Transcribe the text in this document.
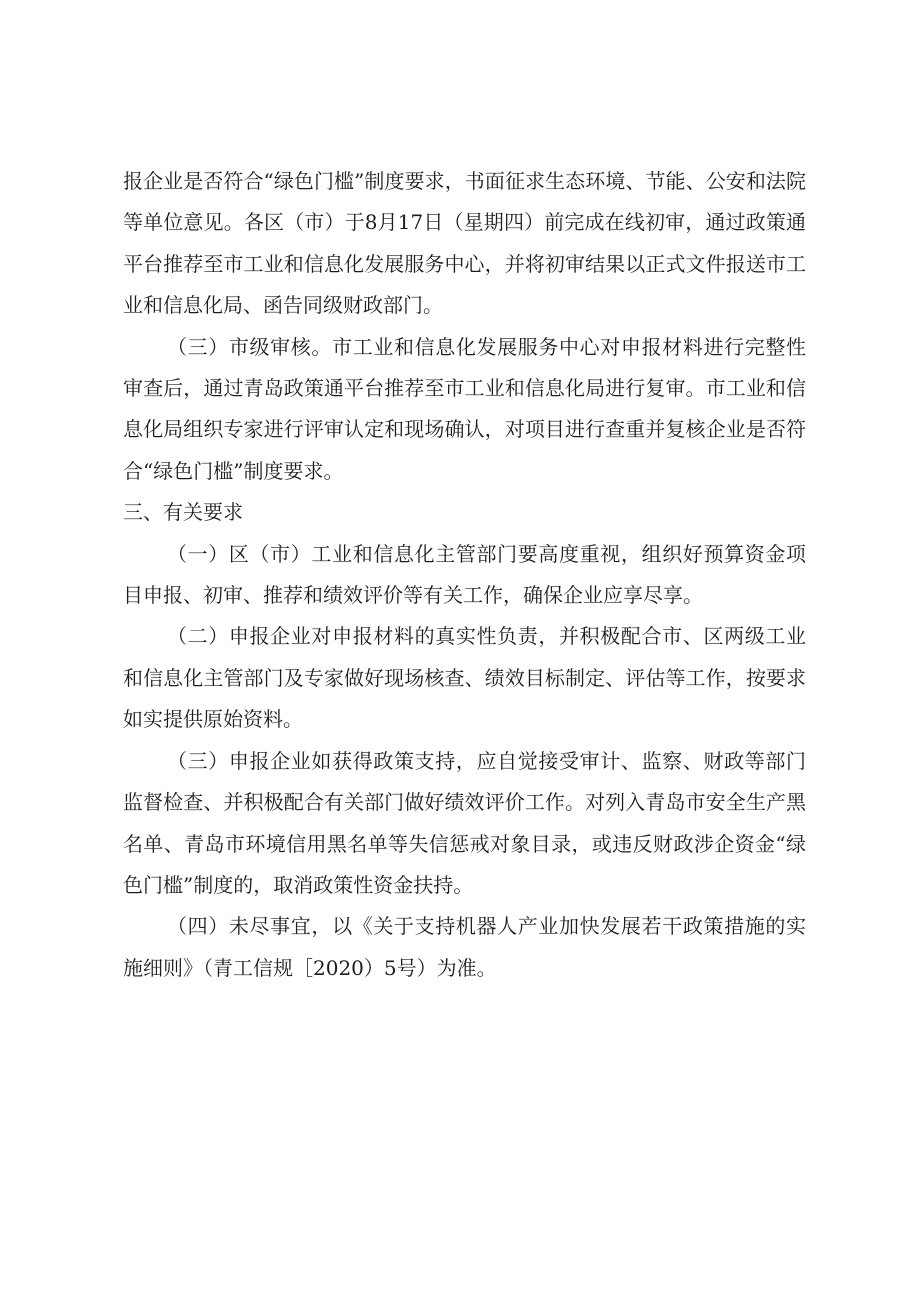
报企业是否符合“绿色门槛”制度要求，书面征求生态环境、节能、公安和法院等单位意见。各区（市）于8月17日（星期四）前完成在线初审，通过政策通平台推荐至市工业和信息化发展服务中心，并将初审结果以正式文件报送市工业和信息化局、函告同级财政部门。

（三）市级审核。市工业和信息化发展服务中心对申报材料进行完整性审查后，通过青岛政策通平台推荐至市工业和信息化局进行复审。市工业和信息化局组织专家进行评审认定和现场确认，对项目进行查重并复核企业是否符合“绿色门槛”制度要求。

三、有关要求

（一）区（市）工业和信息化主管部门要高度重视，组织好预算资金项目申报、初审、推荐和绩效评价等有关工作，确保企业应享尽享。

（二）申报企业对申报材料的真实性负责，并积极配合市、区两级工业和信息化主管部门及专家做好现场核查、绩效目标制定、评估等工作，按要求如实提供原始资料。

（三）申报企业如获得政策支持，应自觉接受审计、监察、财政等部门监督检查、并积极配合有关部门做好绩效评价工作。对列入青岛市安全生产黑名单、青岛市环境信用黑名单等失信惩戒对象目录，或违反财政涉企资金“绿色门槛”制度的，取消政策性资金扶持。

（四）未尽事宜，以《关于支持机器人产业加快发展若干政策措施的实施细则》（青工信规［2020）5号）为准。
